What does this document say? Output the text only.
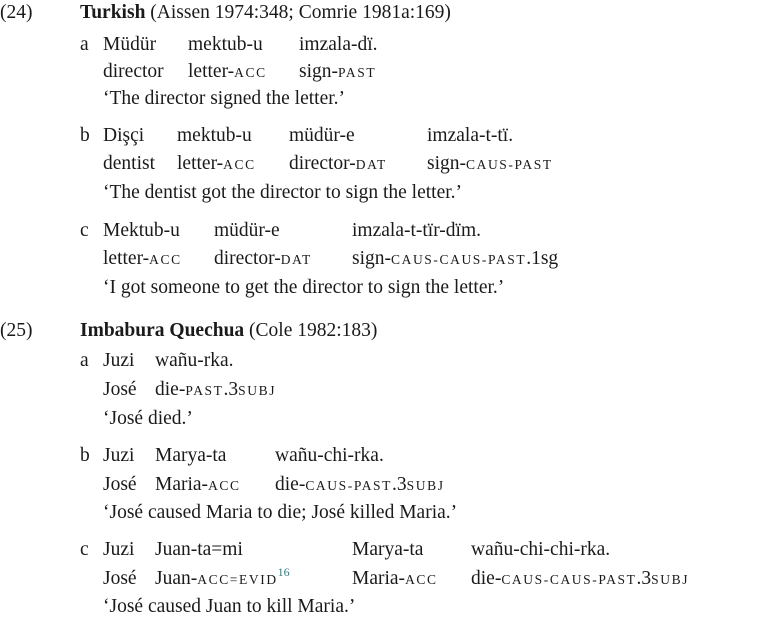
(24) Turkish (Aissen 1974:348; Comrie 1981a:169)
a Müdür mektub-u imzala-dï.
director letter-ACC sign-PAST
‘The director signed the letter.’
b Dişçi mektub-u müdür-e	imzala-t-tï.
dentist letter-ACC director-DAT sign-CAUS-PAST
‘The dentist got the director to sign the letter.’
c Mektub-u müdür-e	imzala-t-tïr-dïm.
letter-ACC director-DAT sign-CAUS-CAUS-PAST.1sg
‘I got someone to get the director to sign the letter.’
(25) Imbabura Quechua (Cole 1982:183)
a Juzi wañu-rka.
José die-PAST.3SUBJ
‘José died.’
b Juzi Marya-ta wañu-chi-rka.
José Maria-ACC die-CAUS-PAST.3SUBJ
‘José caused Maria to die; José killed Maria.’
c Juzi Juan-ta=mi	Marya-ta wañu-chi-chi-rka.
José Juan-ACC=EVID$^{16}$	Maria-ACC die-CAUS-CAUS-PAST.3SUBJ
‘José caused Juan to kill Maria.’
